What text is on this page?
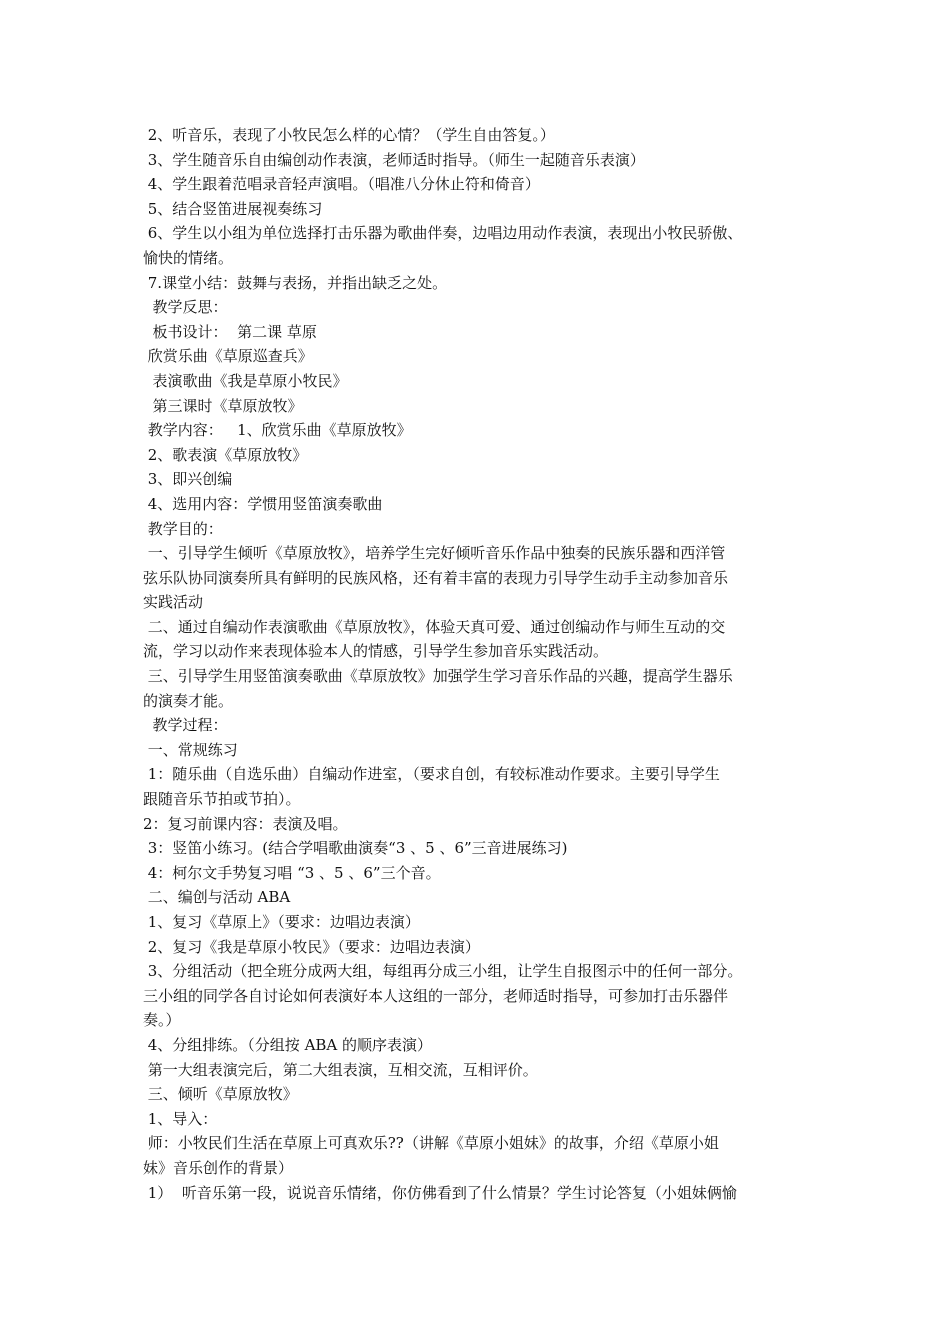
2、听音乐，表现了小牧民怎么样的心情？（学生自由答复。）
3、学生随音乐自由编创动作表演，老师适时指导。（师生一起随音乐表演）
4、学生跟着范唱录音轻声演唱。（唱准八分休止符和倚音）
5、结合竖笛进展视奏练习
6、学生以小组为单位选择打击乐器为歌曲伴奏，边唱边用动作表演，表现出小牧民骄傲、
愉快的情绪。
7.课堂小结：鼓舞与表扬，并指出缺乏之处。
教学反思：
板书设计：  第二课 草原
欣赏乐曲《草原巡查兵》
表演歌曲《我是草原小牧民》
第三课时《草原放牧》
教学内容：   1、欣赏乐曲《草原放牧》
2、歌表演《草原放牧》
3、即兴创编
4、选用内容：学惯用竖笛演奏歌曲
教学目的：
一、引导学生倾听《草原放牧》，培养学生完好倾听音乐作品中独奏的民族乐器和西洋管
弦乐队协同演奏所具有鲜明的民族风格，还有着丰富的表现力引导学生动手主动参加音乐
实践活动
二、通过自编动作表演歌曲《草原放牧》，体验天真可爱、通过创编动作与师生互动的交
流，学习以动作来表现体验本人的情感，引导学生参加音乐实践活动。
三、引导学生用竖笛演奏歌曲《草原放牧》加强学生学习音乐作品的兴趣，提高学生器乐
的演奏才能。
教学过程：
一、常规练习
1：随乐曲（自选乐曲）自编动作进室，（要求自创，有较标准动作要求。主要引导学生
跟随音乐节拍或节拍）。
2：复习前课内容：表演及唱。
3：竖笛小练习。(结合学唱歌曲演奏“3 、5 、6”三音进展练习)
4：柯尔文手势复习唱 “3 、5 、6”三个音。
二、编创与活动 ABA
1、复习《草原上》（要求：边唱边表演）
2、复习《我是草原小牧民》（要求：边唱边表演）
3、分组活动（把全班分成两大组，每组再分成三小组，让学生自报图示中的任何一部分。
三小组的同学各自讨论如何表演好本人这组的一部分，老师适时指导，可参加打击乐器伴
奏。）
4、分组排练。（分组按 ABA 的顺序表演）
第一大组表演完后，第二大组表演，互相交流，互相评价。
三、倾听《草原放牧》
1、导入：
师：小牧民们生活在草原上可真欢乐??（讲解《草原小姐妹》的故事，介绍《草原小姐
妹》音乐创作的背景）
1）  听音乐第一段，说说音乐情绪，你仿佛看到了什么情景？学生讨论答复（小姐妹俩愉
